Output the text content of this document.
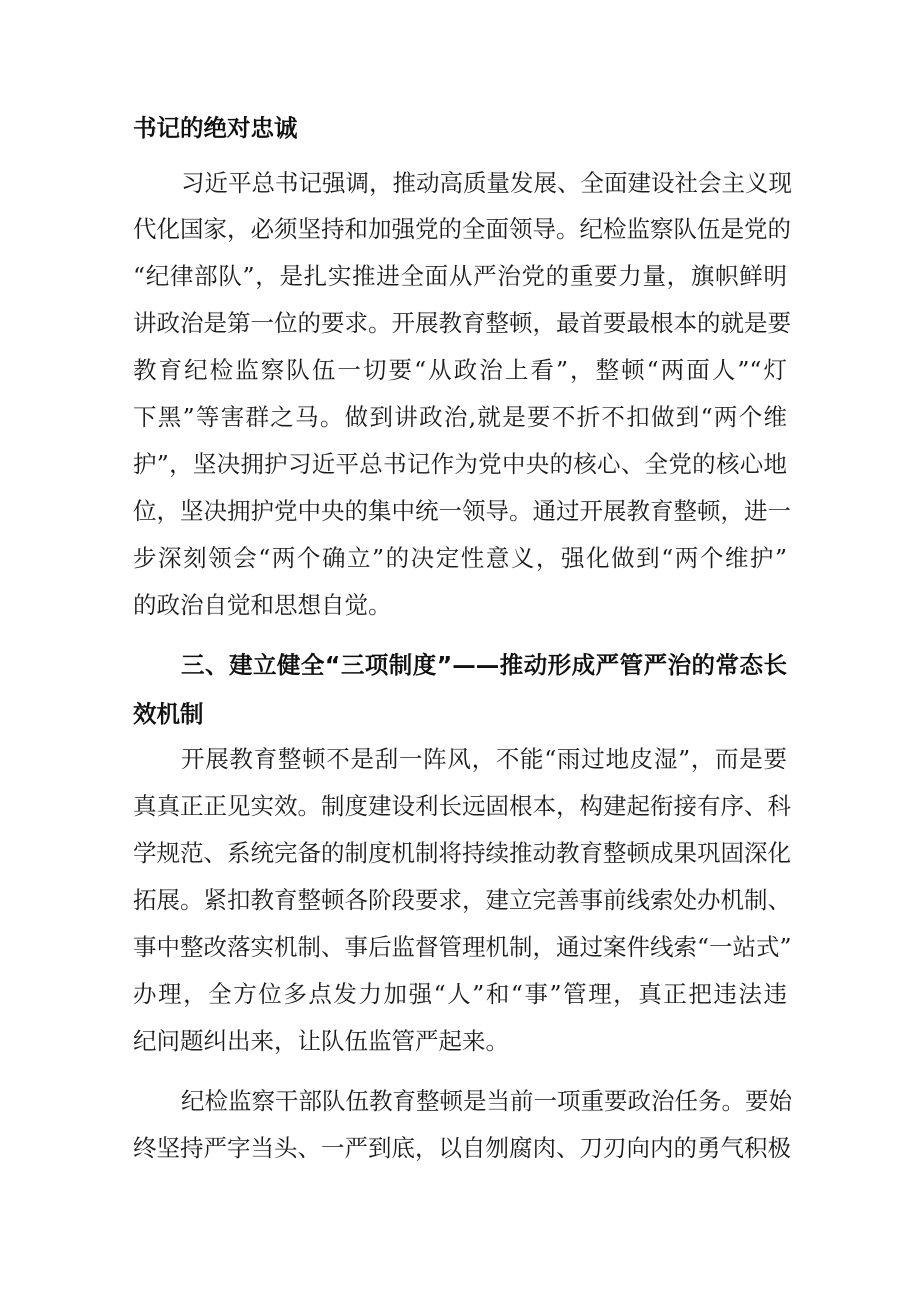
书记的绝对忠诚
习近平总书记强调，推动高质量发展、全面建设社会主义现
代化国家，必须坚持和加强党的全面领导。纪检监察队伍是党的
“纪律部队”，是扎实推进全面从严治党的重要力量，旗帜鲜明
讲政治是第一位的要求。开展教育整顿，最首要最根本的就是要
教育纪检监察队伍一切要“从政治上看”，整顿“两面人”“灯
下黑”等害群之马。做到讲政治,就是要不折不扣做到“两个维
护”，坚决拥护习近平总书记作为党中央的核心、全党的核心地
位，坚决拥护党中央的集中统一领导。通过开展教育整顿，进一
步深刻领会“两个确立”的决定性意义，强化做到“两个维护”
的政治自觉和思想自觉。
三、建立健全“三项制度”——推动形成严管严治的常态长
效机制
开展教育整顿不是刮一阵风，不能“雨过地皮湿”，而是要
真真正正见实效。制度建设利长远固根本，构建起衔接有序、科
学规范、系统完备的制度机制将持续推动教育整顿成果巩固深化
拓展。紧扣教育整顿各阶段要求，建立完善事前线索处办机制、
事中整改落实机制、事后监督管理机制，通过案件线索“一站式”
办理，全方位多点发力加强“人”和“事”管理，真正把违法违
纪问题纠出来，让队伍监管严起来。
纪检监察干部队伍教育整顿是当前一项重要政治任务。要始
终坚持严字当头、一严到底，以自刎腐肉、刀刃向内的勇气积极
